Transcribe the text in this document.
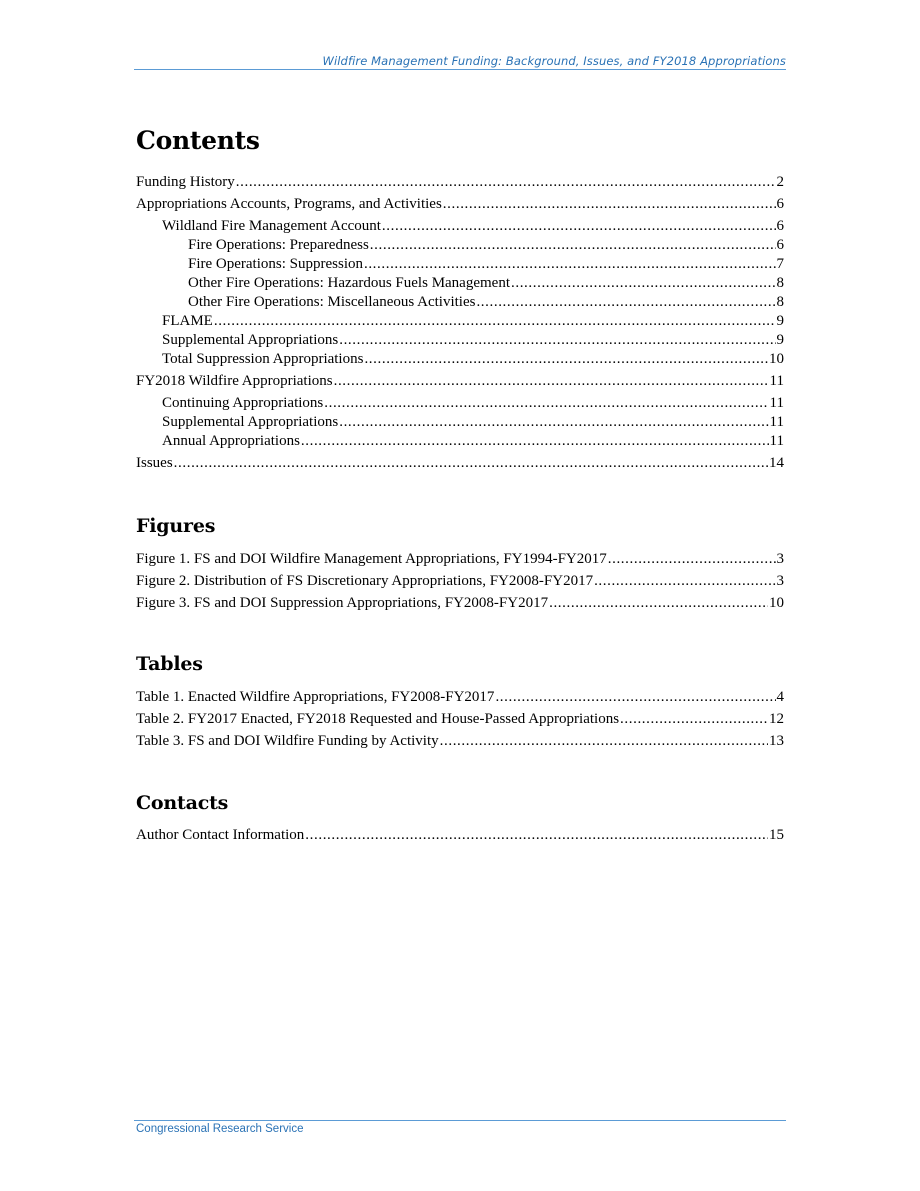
Wildfire Management Funding: Background, Issues, and FY2018 Appropriations
Contents
Funding History .....	2
Appropriations Accounts, Programs, and Activities .....	6
Wildland Fire Management Account .....	6
Fire Operations: Preparedness .....	6
Fire Operations: Suppression .....	7
Other Fire Operations: Hazardous Fuels Management .....	8
Other Fire Operations: Miscellaneous Activities .....	8
FLAME .....	9
Supplemental Appropriations .....	9
Total Suppression Appropriations .....	10
FY2018 Wildfire Appropriations .....	11
Continuing Appropriations .....	11
Supplemental Appropriations .....	11
Annual Appropriations .....	11
Issues .....	14
Figures
Figure 1. FS and DOI Wildfire Management Appropriations, FY1994-FY2017 .....	3
Figure 2. Distribution of FS Discretionary Appropriations, FY2008-FY2017 .....	3
Figure 3. FS and DOI Suppression Appropriations, FY2008-FY2017 .....	10
Tables
Table 1. Enacted Wildfire Appropriations, FY2008-FY2017 .....	4
Table 2. FY2017 Enacted, FY2018 Requested and House-Passed Appropriations .....	12
Table 3. FS and DOI Wildfire Funding by Activity .....	13
Contacts
Author Contact Information .....	15
Congressional Research Service
